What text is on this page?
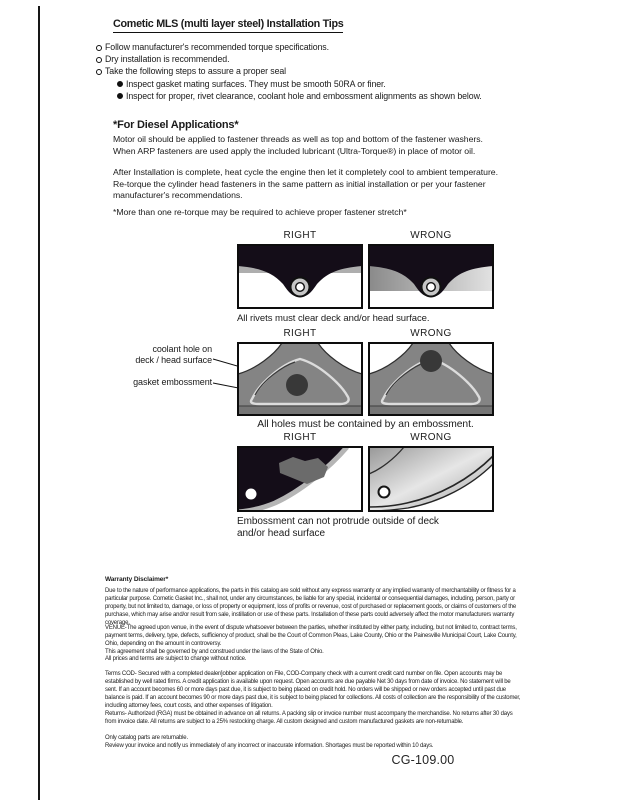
Cometic MLS (multi layer steel) Installation Tips
Follow manufacturer's recommended torque specifications.
Dry installation is recommended.
Take the following steps to assure a proper seal
Inspect gasket mating surfaces. They must be smooth 50RA or finer.
Inspect for proper, rivet clearance, coolant hole and embossment alignments as shown below.
*For Diesel Applications*

Motor oil should be applied to fastener threads as well as top and bottom of the fastener washers. When ARP fasteners are used apply the included lubricant (Ultra-Torque®) in place of motor oil.

After Installation is complete, heat cycle the engine then let it completely cool to ambient temperature. Re-torque the cylinder head fasteners in the same pattern as initial installation or per your fastener manufacturer's recommendations.

*More than one re-torque may be required to achieve proper fastener stretch*

RIGHT	WRONG
All rivets must clear deck and/or head surface.
coolant hole on
deck / head surface
gasket embossment
RIGHT	WRONG
All holes must be contained by an embossment.
RIGHT	WRONG
Embossment can not protrude outside of deck and/or head surface
Warranty Disclaimer*

Due to the nature of performance applications, the parts in this catalog are sold without any express warranty or any implied warranty of merchantability or fitness for a particular purpose. Cometic Gasket Inc., shall not, under any circumstances, be liable for any special, incidental or consequential damages, including, person, party or property, but not limited to, damage, or loss of property or equipment, loss of profits or revenue, cost of purchased or replacement goods, or claims of customers of the purchase, which may arise and/or result from sale, instillation or use of these parts. Installation of these parts could adversely affect the motor manufacturers warranty coverage.

VENUE-The agreed upon venue, in the event of dispute whatsoever between the parties, whether instituted by either party, including, but not limited to, contract terms, payment terms, delivery, type, defects, sufficiency of product, shall be the Court of Common Pleas, Lake County, Ohio or the Painesville Municipal Court, Lake County, Ohio, depending on the amount in controversy.

This agreement shall be governed by and construed under the laws of the State of Ohio.

All prices and terms are subject to change without notice.

Terms COD- Secured with a completed dealer/jobber application on File, COD-Company check with a current credit card number on file. Open accounts may be established by well rated firms. A credit application is available upon request. Open accounts are due payable Net 30 days from date of invoice. No statement will be sent. If an account becomes 60 or more days past due, it is subject to being placed on credit hold. No orders will be shipped or new orders accepted until past due balance is paid. If an account becomes 90 or more days past due, it is subject to being placed for collections. All costs of collection are the responsibility of the customer, including attorney fees, court costs, and other expenses of litigation.

Returns- Authorized (RGA) must be obtained in advance on all returns. A packing slip or invoice number must accompany the merchandise. No returns after 30 days from invoice date. All returns are subject to a 25% restocking charge. All custom designed and custom manufactured gaskets are non-returnable.

Only catalog parts are returnable.

Review your invoice and notify us immediately of any incorrect or inaccurate information. Shortages must be reported within 10 days.

CG-109.00
